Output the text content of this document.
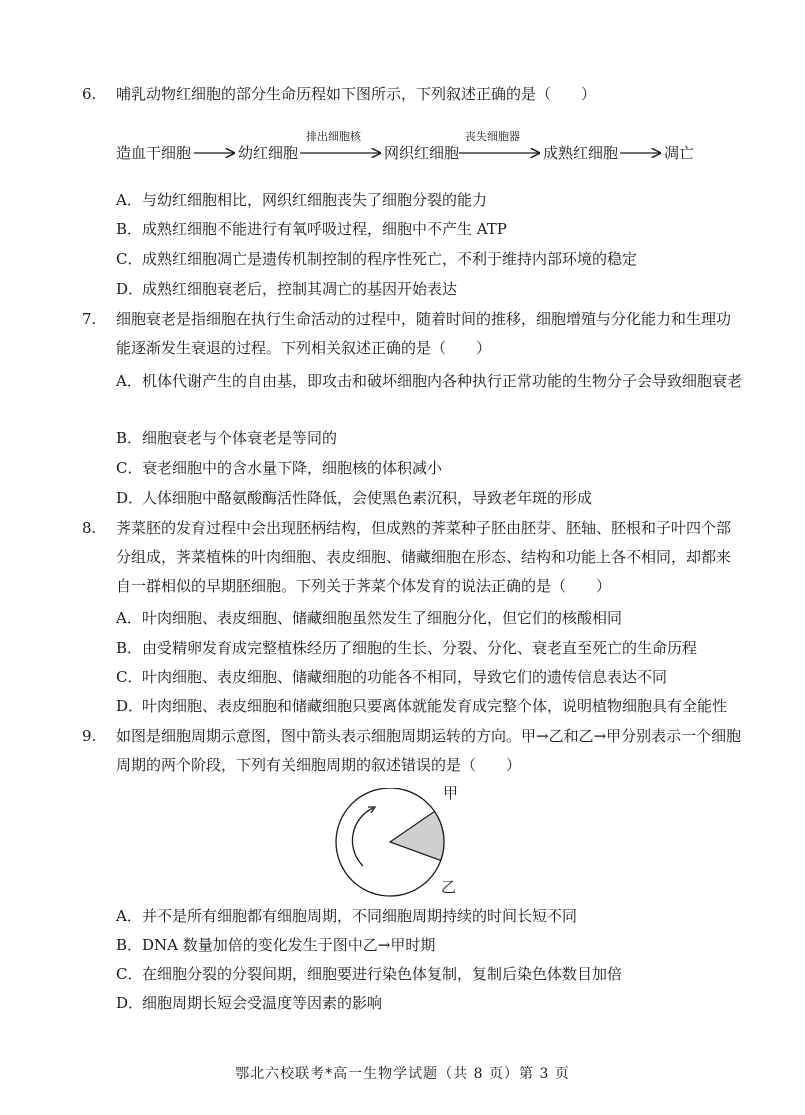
6. 哺乳动物红细胞的部分生命历程如下图所示，下列叙述正确的是（　　）
造血干细胞	幼红细胞	网织红细胞	成熟红细胞	凋亡
排出细胞核	丧失细胞器
A． 与幼红细胞相比，网织红细胞丧失了细胞分裂的能力
B． 成熟红细胞不能进行有氧呼吸过程，细胞中不产生 ATP
C． 成熟红细胞凋亡是遗传机制控制的程序性死亡，不利于维持内部环境的稳定
D．
成熟红细胞衰老后，控制其凋亡的基因开始表达
7. 细胞衰老是指细胞在执行生命活动的过程中，随着时间的推移，细胞增殖与分化能力和生理功能逐渐发生衰退的过程。下列相关叙述正确的是（　　）
A． 机体代谢产生的自由基，即攻击和破坏细胞内各种执行正常功能的生物分子会导致细胞衰老
B． 细胞衰老与个体衰老是等同的
C． 衰老细胞中的含水量下降，细胞核的体积减小
D．
人体细胞中酪氨酸酶活性降低，会使黑色素沉积，导致老年斑的形成
8. 荠菜胚的发育过程中会出现胚柄结构，但成熟的荠菜种子胚由胚芽、胚轴、胚根和子叶四个部分组成，荠菜植株的叶肉细胞、表皮细胞、储藏细胞在形态、结构和功能上各不相同，却都来自一群相似的早期胚细胞。下列关于荠菜个体发育的说法正确的是（　　）
A． 叶肉细胞、表皮细胞、储藏细胞虽然发生了细胞分化，但它们的核酸相同
B． 由受精卵发育成完整植株经历了细胞的生长、分裂、分化、衰老直至死亡的生命历程
C． 叶肉细胞、表皮细胞、储藏细胞的功能各不相同，导致它们的遗传信息表达不同
D．
叶肉细胞、表皮细胞和储藏细胞只要离体就能发育成完整个体，说明植物细胞具有全能性
9. 如图是细胞周期示意图，图中箭头表示细胞周期运转的方向。甲→乙和乙→甲分别表示一个细胞周期的两个阶段，下列有关细胞周期的叙述错误的是（　　）
甲
乙
A． 并不是所有细胞都有细胞周期，不同细胞周期持续的时间长短不同
B． DNA 数量加倍的变化发生于图中乙→甲时期
C． 在细胞分裂的分裂间期，细胞要进行染色体复制，复制后染色体数目加倍
D．
细胞周期长短会受温度等因素的影响
鄂北六校联考*高一生物学试题（共 8 页）第 3 页
